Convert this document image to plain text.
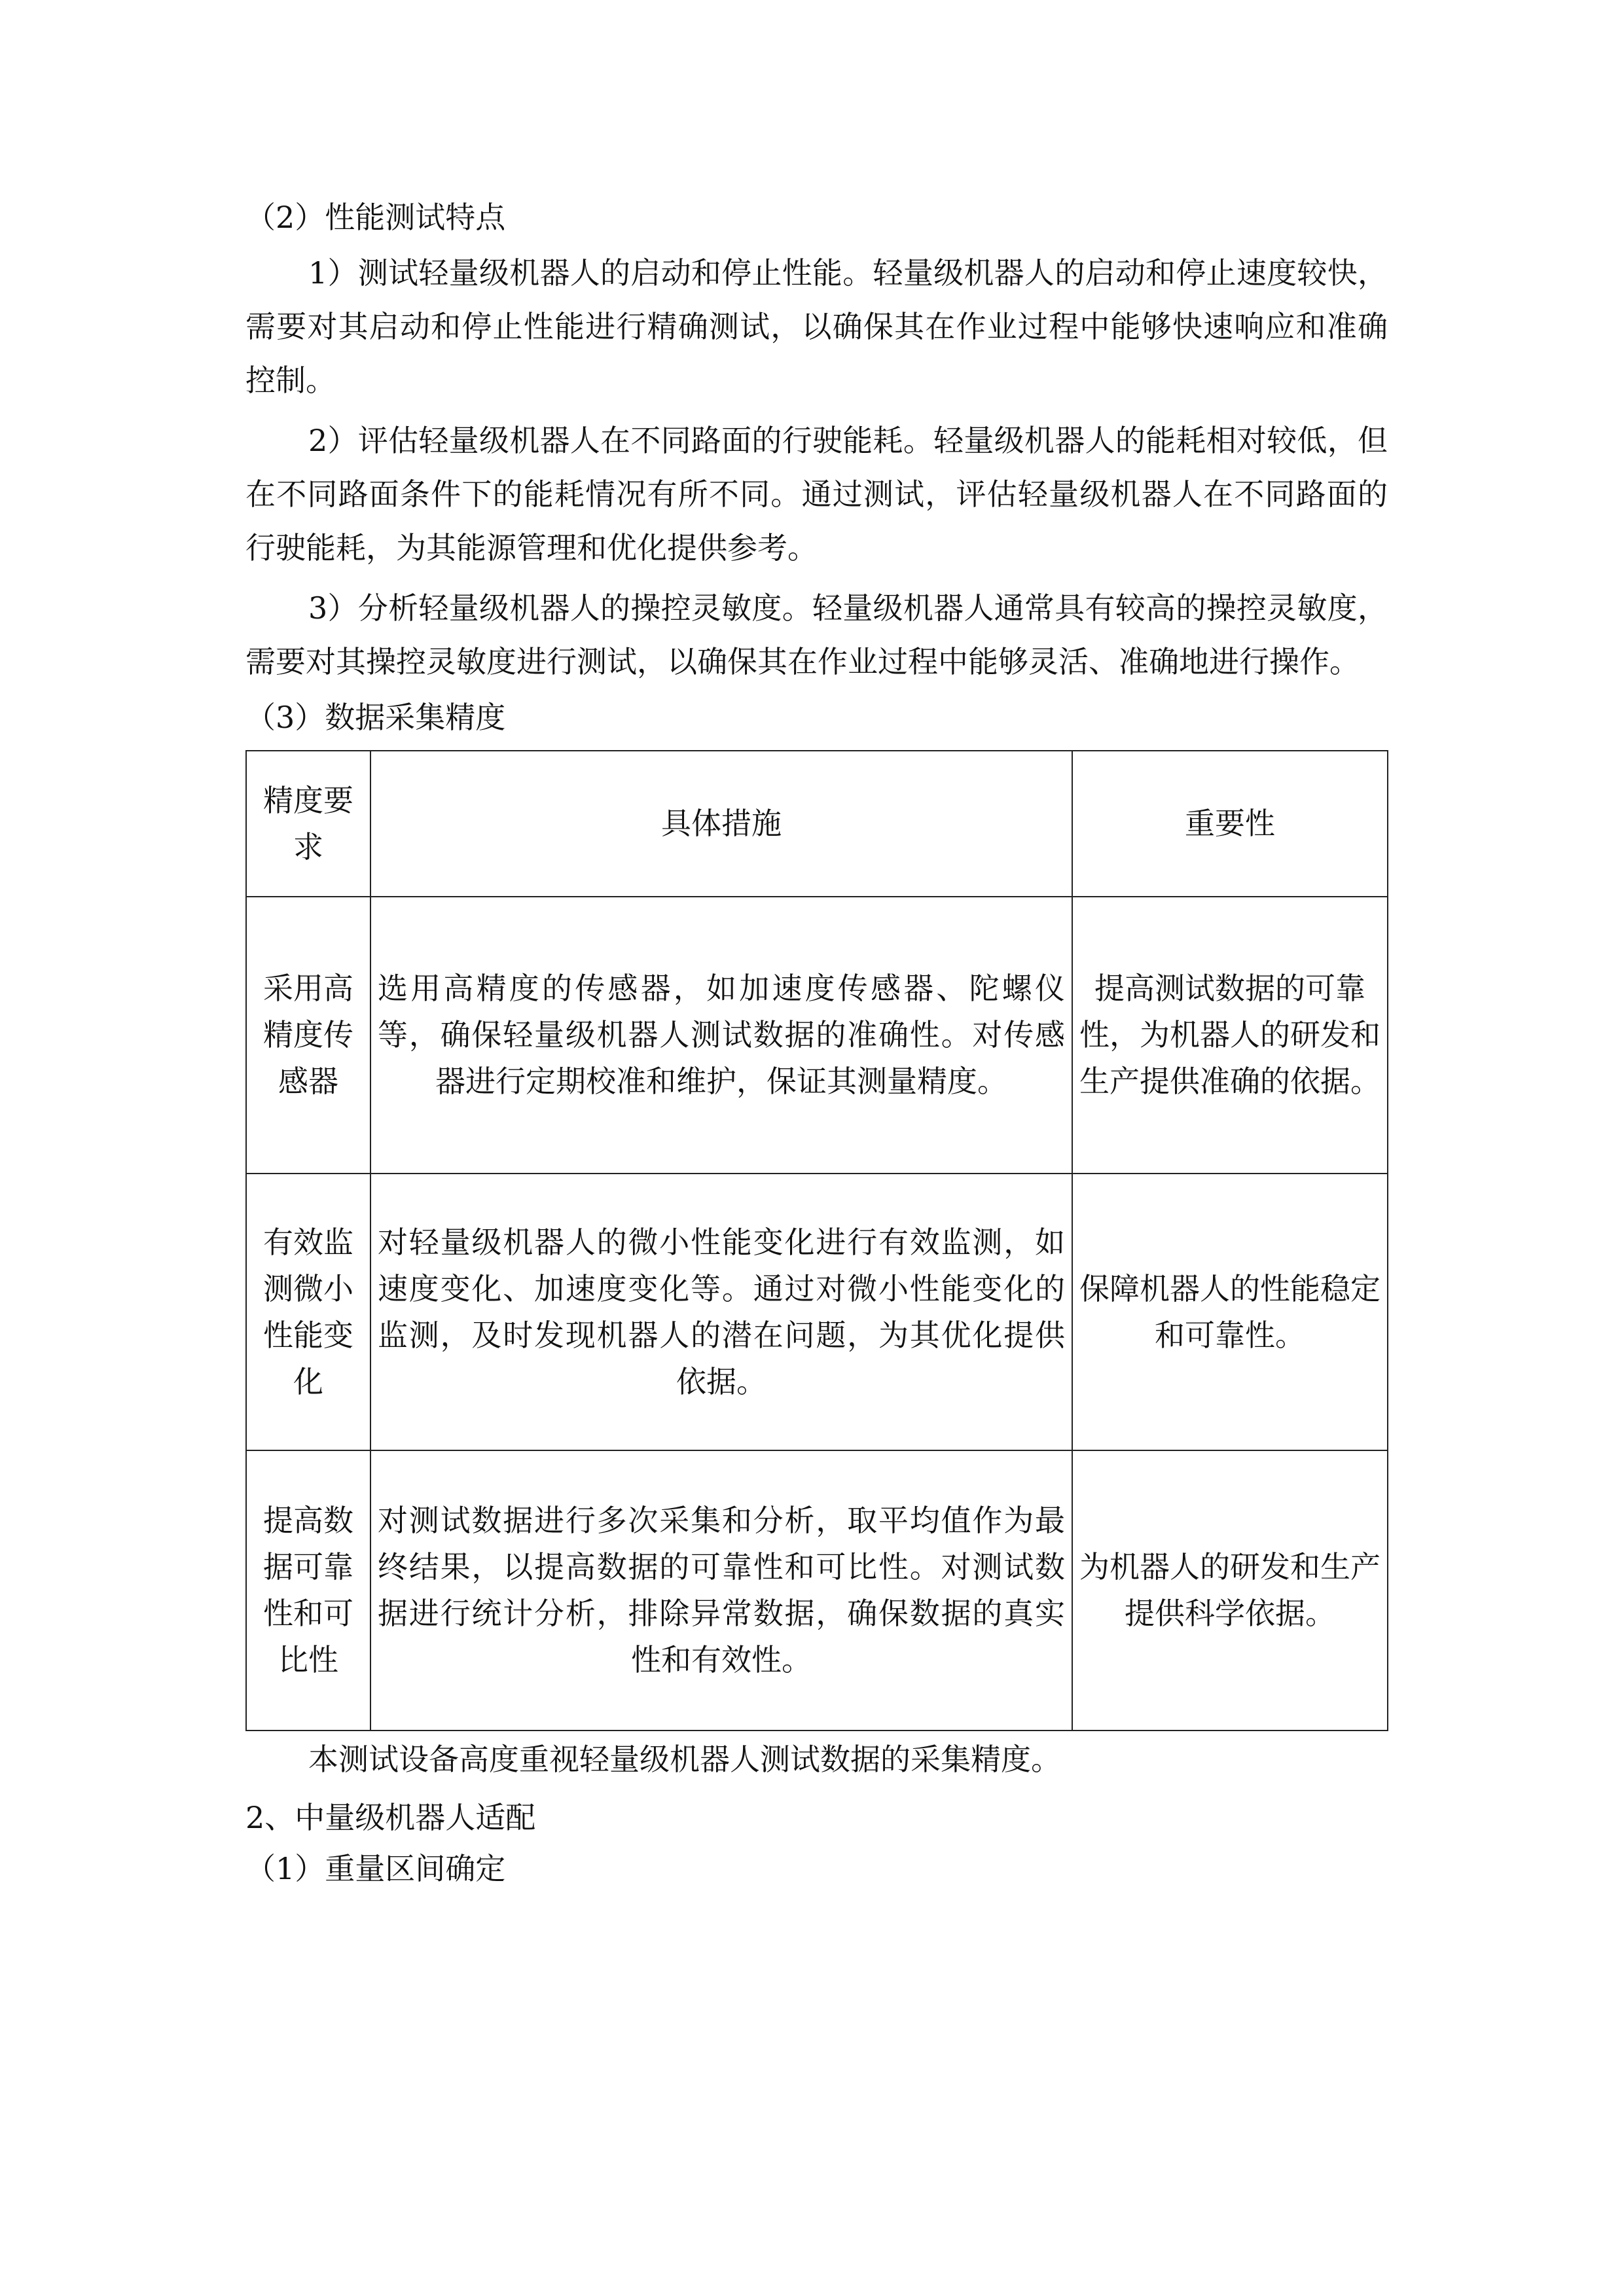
（2）性能测试特点

1）测试轻量级机器人的启动和停止性能。轻量级机器人的启动和停止速度较快，需要对其启动和停止性能进行精确测试，以确保其在作业过程中能够快速响应和准确控制。

2）评估轻量级机器人在不同路面的行驶能耗。轻量级机器人的能耗相对较低，但在不同路面条件下的能耗情况有所不同。通过测试，评估轻量级机器人在不同路面的行驶能耗，为其能源管理和优化提供参考。

3）分析轻量级机器人的操控灵敏度。轻量级机器人通常具有较高的操控灵敏度，需要对其操控灵敏度进行测试，以确保其在作业过程中能够灵活、准确地进行操作。

（3）数据采集精度

精度要求	具体措施	重要性
采用高精度传感器	选用高精度的传感器，如加速度传感器、陀螺仪等，确保轻量级机器人测试数据的准确性。对传感器进行定期校准和维护，保证其测量精度。	提高测试数据的可靠性，为机器人的研发和生产提供准确的依据。
有效监测微小性能变化	对轻量级机器人的微小性能变化进行有效监测，如速度变化、加速度变化等。通过对微小性能变化的监测，及时发现机器人的潜在问题，为其优化提供依据。	保障机器人的性能稳定和可靠性。
提高数据可靠性和可比性	对测试数据进行多次采集和分析，取平均值作为最终结果，以提高数据的可靠性和可比性。对测试数据进行统计分析，排除异常数据，确保数据的真实性和有效性。	为机器人的研发和生产提供科学依据。

本测试设备高度重视轻量级机器人测试数据的采集精度。

2、中量级机器人适配

（1）重量区间确定
